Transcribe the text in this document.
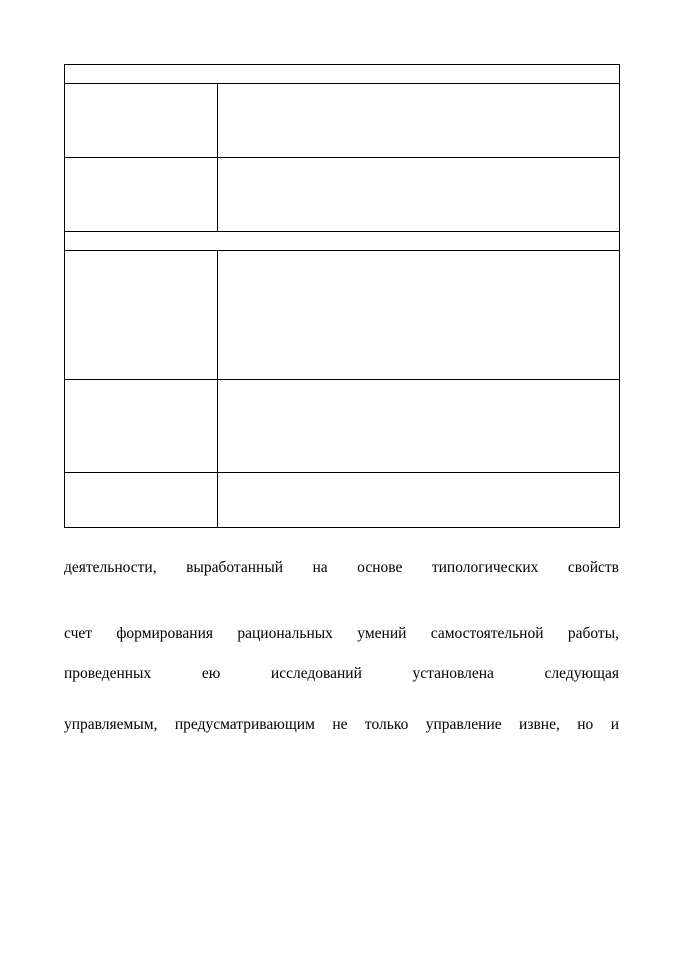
деятельности, выработанный на основе типологических свойств
счет формирования рациональных умений самостоятельной работы,
проведенных ею исследований установлена следующая
управляемым, предусматривающим не только управление извне, но и
